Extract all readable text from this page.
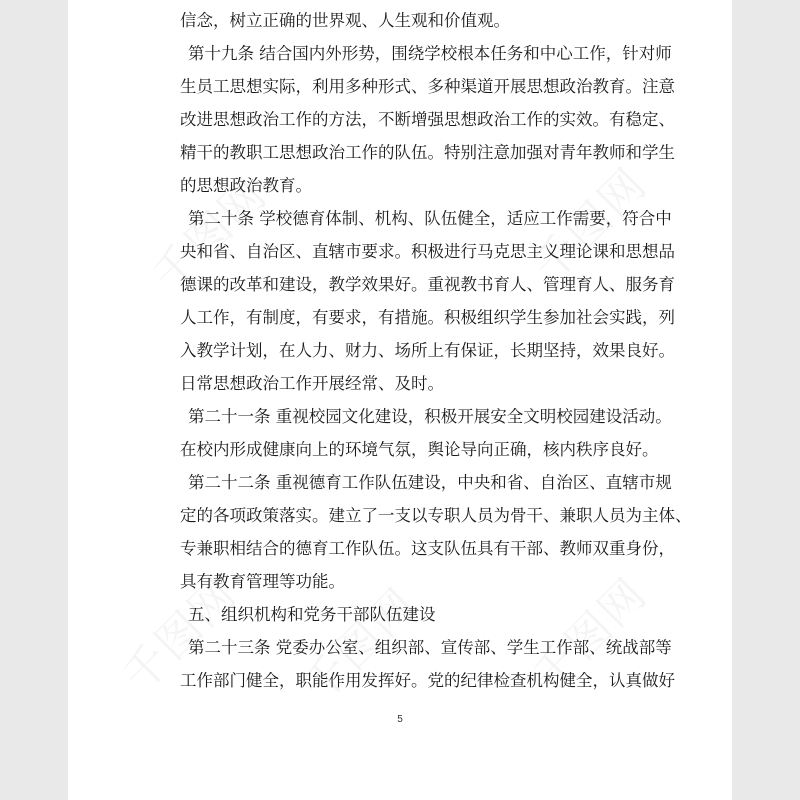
信念，树立正确的世界观、人生观和价值观。

第十九条 结合国内外形势，围绕学校根本任务和中心工作，针对师
生员工思想实际，利用多种形式、多种渠道开展思想政治教育。注意
改进思想政治工作的方法，不断增强思想政治工作的实效。有稳定、
精干的教职工思想政治工作的队伍。特别注意加强对青年教师和学生
的思想政治教育。

第二十条 学校德育体制、机构、队伍健全，适应工作需要，符合中
央和省、自治区、直辖市要求。积极进行马克思主义理论课和思想品
德课的改革和建设，教学效果好。重视教书育人、管理育人、服务育
人工作，有制度，有要求，有措施。积极组织学生参加社会实践，列
入教学计划，在人力、财力、场所上有保证，长期坚持，效果良好。
日常思想政治工作开展经常、及时。

第二十一条 重视校园文化建设，积极开展安全文明校园建设活动。
在校内形成健康向上的环境气氛，舆论导向正确，核内秩序良好。

第二十二条 重视德育工作队伍建设，中央和省、自治区、直辖市规
定的各项政策落实。建立了一支以专职人员为骨干、兼职人员为主体、
专兼职相结合的德育工作队伍。这支队伍具有干部、教师双重身份，
具有教育管理等功能。

五、组织机构和党务干部队伍建设

第二十三条 党委办公室、组织部、宣传部、学生工作部、统战部等
工作部门健全，职能作用发挥好。党的纪律检查机构健全，认真做好

5
